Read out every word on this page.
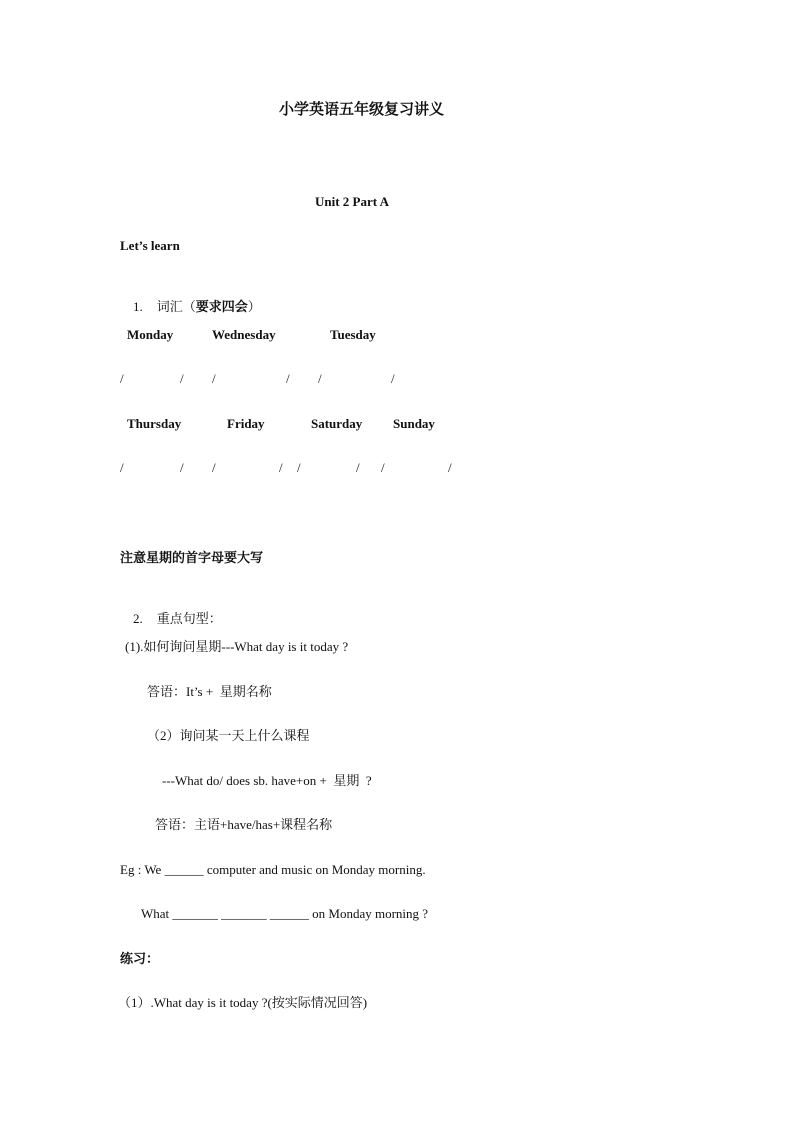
小学英语五年级复习讲义
Unit 2 Part A
Let’s learn

1. 词汇（要求四会）

Monday	Wednesday	Tuesday
/	/ /	/ /	/
Thursday	Friday	Saturday Sunday
/	/ /	/ /	/ /	/
注意星期的首字母要大写

2. 重点句型：

(1).如何询问星期---What day is it today ?
答语：It’s +  星期名称
（2）询问某一天上什么课程
---What do/ does sb. have+on +  星期  ?
答语：主语+have/has+课程名称
Eg : We ______ computer and music on Monday morning.
What _______ _______ ______ on Monday morning ?
练习：
（1）.What day is it today ?(按实际情况回答)
